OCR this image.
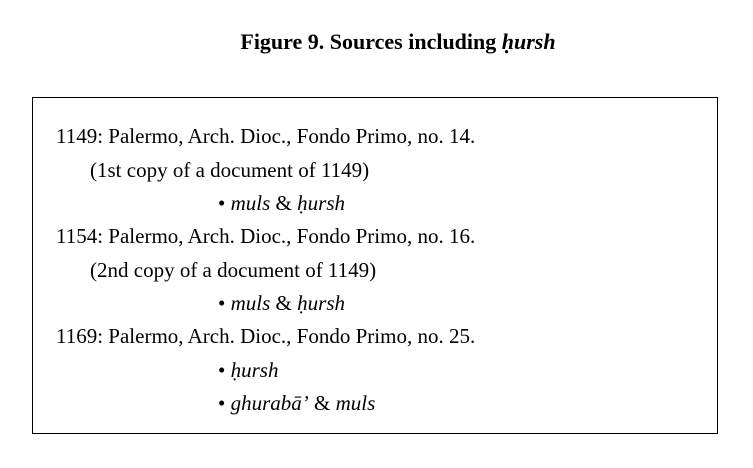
Figure 9. Sources including ḥursh
1149: Palermo, Arch. Dioc., Fondo Primo, no. 14.
(1st copy of a document of 1149)
• muls & ḥursh
1154: Palermo, Arch. Dioc., Fondo Primo, no. 16.
(2nd copy of a document of 1149)
• muls & ḥursh
1169: Palermo, Arch. Dioc., Fondo Primo, no. 25.
• ḥursh
• ghurabā’ & muls
